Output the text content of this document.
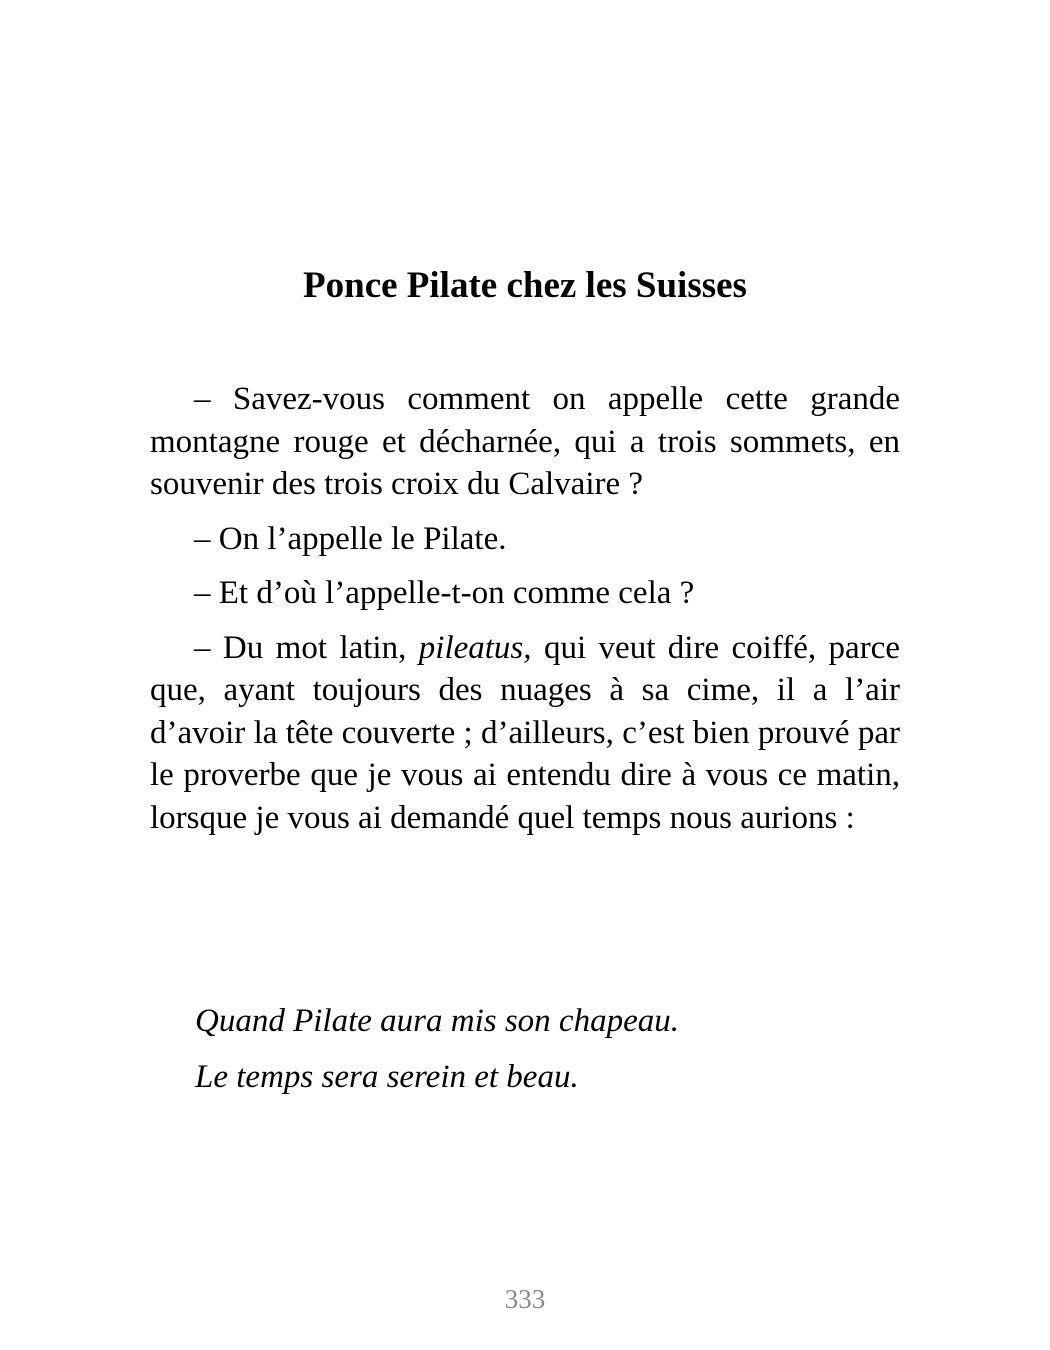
Ponce Pilate chez les Suisses

– Savez-vous comment on appelle cette grande montagne rouge et décharnée, qui a trois sommets, en souvenir des trois croix du Calvaire ?

– On l’appelle le Pilate.

– Et d’où l’appelle-t-on comme cela ?

– Du mot latin, pileatus, qui veut dire coiffé, parce que, ayant toujours des nuages à sa cime, il a l’air d’avoir la tête couverte ; d’ailleurs, c’est bien prouvé par le proverbe que je vous ai entendu dire à vous ce matin, lorsque je vous ai demandé quel temps nous aurions :

Quand Pilate aura mis son chapeau.

Le temps sera serein et beau.

333
